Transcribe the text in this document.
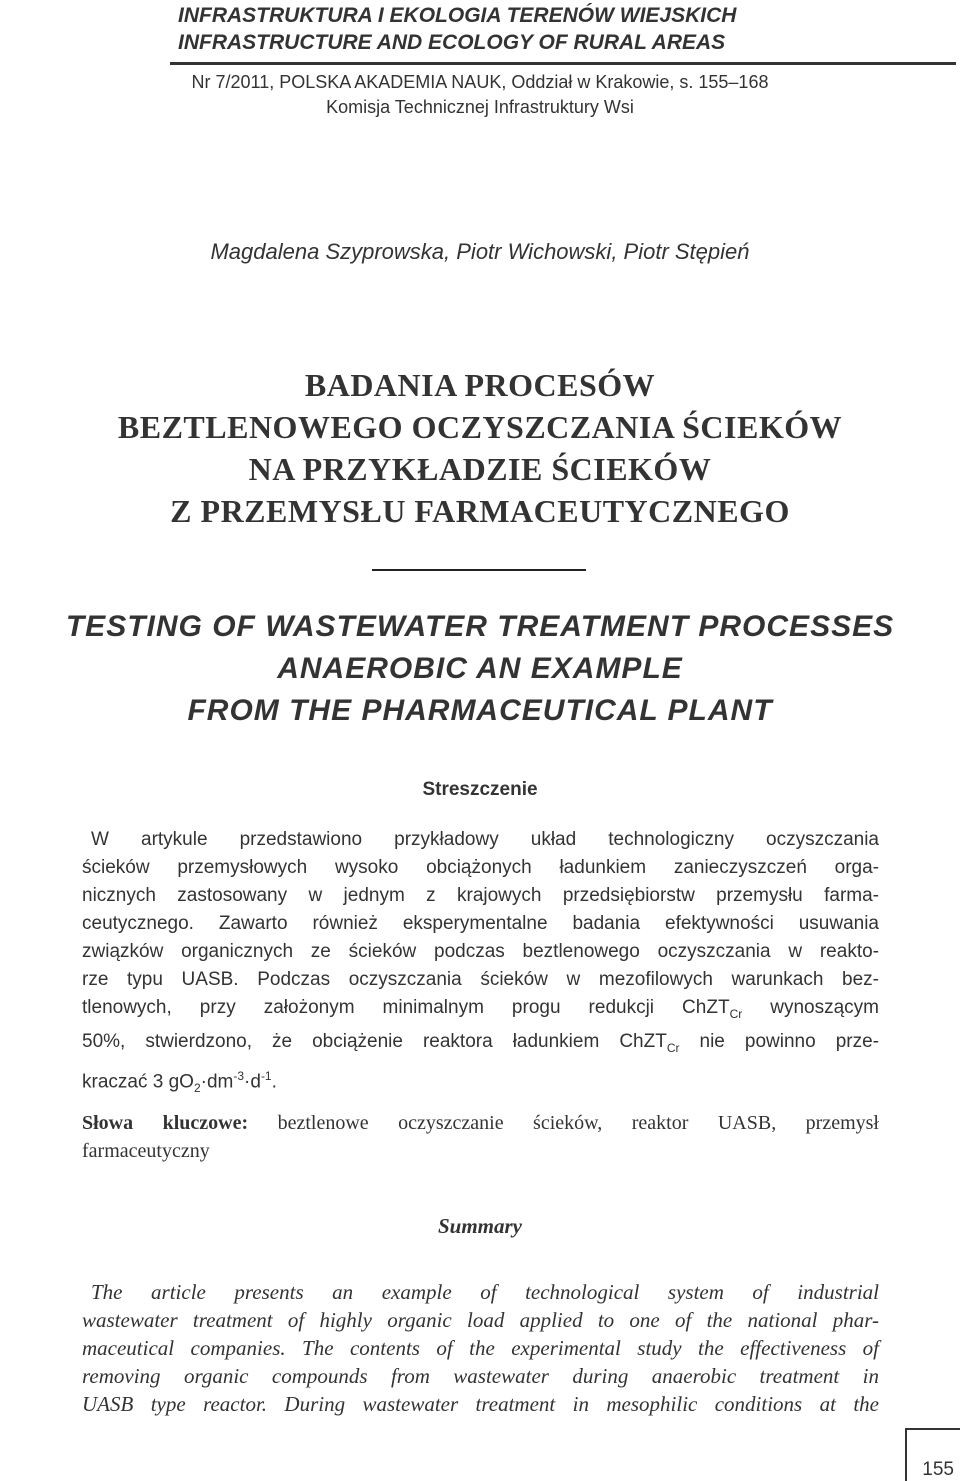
INFRASTRUKTURA I EKOLOGIA TERENÓW WIEJSKICH

INFRASTRUCTURE AND ECOLOGY OF RURAL AREAS

Nr 7/2011, POLSKA AKADEMIA NAUK, Oddział w Krakowie, s. 155–168
Komisja Technicznej Infrastruktury Wsi
Magdalena Szyprowska, Piotr Wichowski, Piotr Stępień
BADANIA PROCESÓW
BEZTLENOWEGO OCZYSZCZANIA ŚCIEKÓW
NA PRZYKŁADZIE ŚCIEKÓW
Z PRZEMYSŁU FARMACEUTYCZNEGO
TESTING OF WASTEWATER TREATMENT PROCESSES
ANAEROBIC AN EXAMPLE
FROM THE PHARMACEUTICAL PLANT
Streszczenie
W artykule przedstawiono przykładowy układ technologiczny oczyszczania
ścieków przemysłowych wysoko obciążonych ładunkiem zanieczyszczeń orga-
nicznych zastosowany w jednym z krajowych przedsiębiorstw przemysłu farma-
ceutycznego. Zawarto również eksperymentalne badania efektywności usuwania
związków organicznych ze ścieków podczas beztlenowego oczyszczania w reakto-
rze typu UASB. Podczas oczyszczania ścieków w mezofilowych warunkach bez-
tlenowych, przy założonym minimalnym progu redukcji ChZT$_{Cr}$ wynoszącym
50%, stwierdzono, że obciążenie reaktora ładunkiem ChZT$_{Cr}$ nie powinno prze-
kraczać 3 $gO_2\cdot dm^{-3}\cdot d^{-1}$.
Słowa kluczowe: beztlenowe oczyszczanie ścieków, reaktor UASB, przemysł
farmaceutyczny
Summary
The article presents an example of technological system of industrial
wastewater treatment of highly organic load applied to one of the national phar-
maceutical companies. The contents of the experimental study the effectiveness of
removing organic compounds from wastewater during anaerobic treatment in
UASB type reactor. During wastewater treatment in mesophilic conditions at the
155
